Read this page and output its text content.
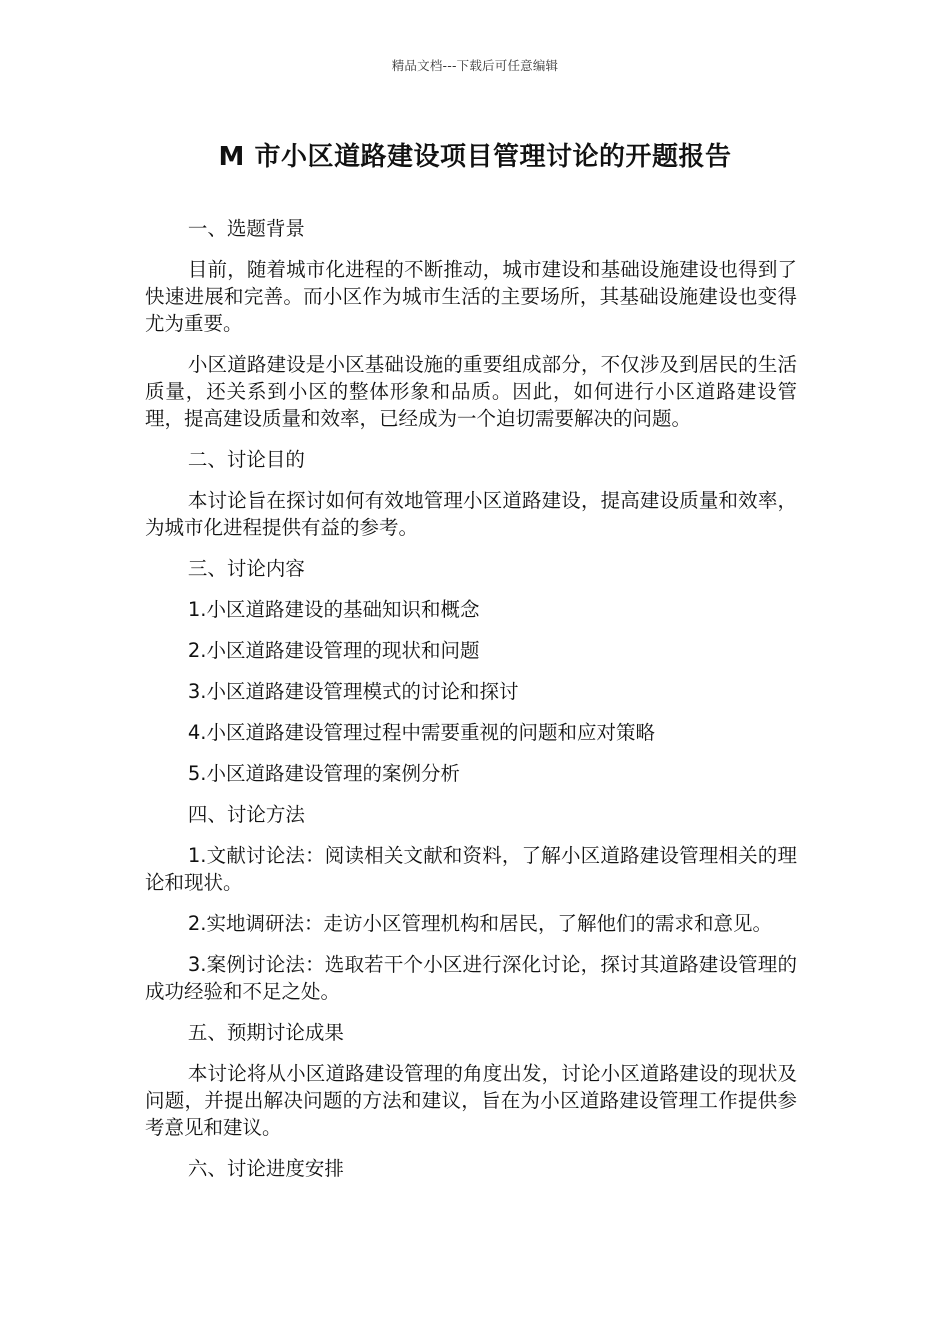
精品文档---下载后可任意编辑
M 市小区道路建设项目管理讨论的开题报告

一、选题背景

目前，随着城市化进程的不断推动，城市建设和基础设施建设也得到了快速进展和完善。而小区作为城市生活的主要场所，其基础设施建设也变得尤为重要。

小区道路建设是小区基础设施的重要组成部分，不仅涉及到居民的生活质量，还关系到小区的整体形象和品质。因此，如何进行小区道路建设管理，提高建设质量和效率，已经成为一个迫切需要解决的问题。

二、讨论目的

本讨论旨在探讨如何有效地管理小区道路建设，提高建设质量和效率，为城市化进程提供有益的参考。

三、讨论内容

1.小区道路建设的基础知识和概念

2.小区道路建设管理的现状和问题

3.小区道路建设管理模式的讨论和探讨

4.小区道路建设管理过程中需要重视的问题和应对策略

5.小区道路建设管理的案例分析

四、讨论方法

1.文献讨论法：阅读相关文献和资料，了解小区道路建设管理相关的理论和现状。

2.实地调研法：走访小区管理机构和居民，了解他们的需求和意见。

3.案例讨论法：选取若干个小区进行深化讨论，探讨其道路建设管理的成功经验和不足之处。

五、预期讨论成果

本讨论将从小区道路建设管理的角度出发，讨论小区道路建设的现状及问题，并提出解决问题的方法和建议，旨在为小区道路建设管理工作提供参考意见和建议。

六、讨论进度安排
